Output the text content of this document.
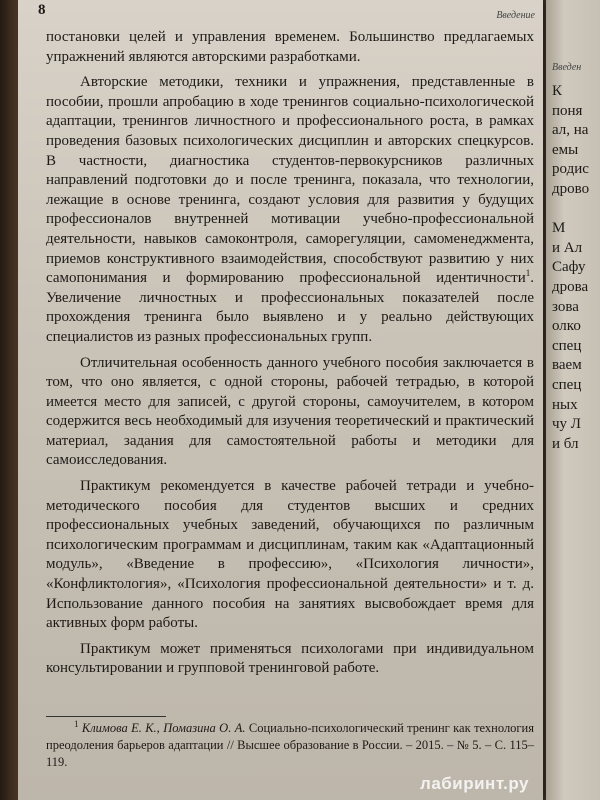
8	Введение

постановки целей и управления временем. Большинство предлагаемых упражнений являются авторскими разработками.

Авторские методики, техники и упражнения, представленные в пособии, прошли апробацию в ходе тренингов социально-психологической адаптации, тренингов личностного и профессионального роста, в рамках проведения базовых психологических дисциплин и авторских спецкурсов. В частности, диагностика студентов-первокурсников различных направлений подготовки до и после тренинга, показала, что технологии, лежащие в основе тренинга, создают условия для развития у будущих профессионалов внутренней мотивации учебно-профессиональной деятельности, навыков самоконтроля, саморегуляции, самоменеджмента, приемов конструктивного взаимодействия, способствуют развитию у них самопонимания и формированию профессиональной идентичности$^1$. Увеличение личностных и профессиональных показателей после прохождения тренинга было выявлено и у реально действующих специалистов из разных профессиональных групп.

Отличительная особенность данного учебного пособия заключается в том, что оно является, с одной стороны, рабочей тетрадью, в которой имеется место для записей, с другой стороны, самоучителем, в котором содержится весь необходимый для изучения теоретический и практический материал, задания для самостоятельной работы и методики для самоисследования.

Практикум рекомендуется в качестве рабочей тетради и учебно-методического пособия для студентов высших и средних профессиональных учебных заведений, обучающихся по различным психологическим программам и дисциплинам, таким как «Адаптационный модуль», «Введение в профессию», «Психология личности», «Конфликтология», «Психология профессиональной деятельности» и т. д. Использование данного пособия на занятиях высвобождает время для активных форм работы.

Практикум может применяться психологами при индивидуальном консультировании и групповой тренинговой работе.

$^1$ Климова Е. К., Помазина О. А. Социально-психологический тренинг как технология преодоления барьеров адаптации // Высшее образование в России. – 2015. – № 5. – С. 115–119.

лабиринт.ру
Введен
К
поня
ал, на
емы
родис
дрово
М
и Ал
Сафу
дрова
зова
олко
спец
ваем
спец
ных
чу Л
и бл
